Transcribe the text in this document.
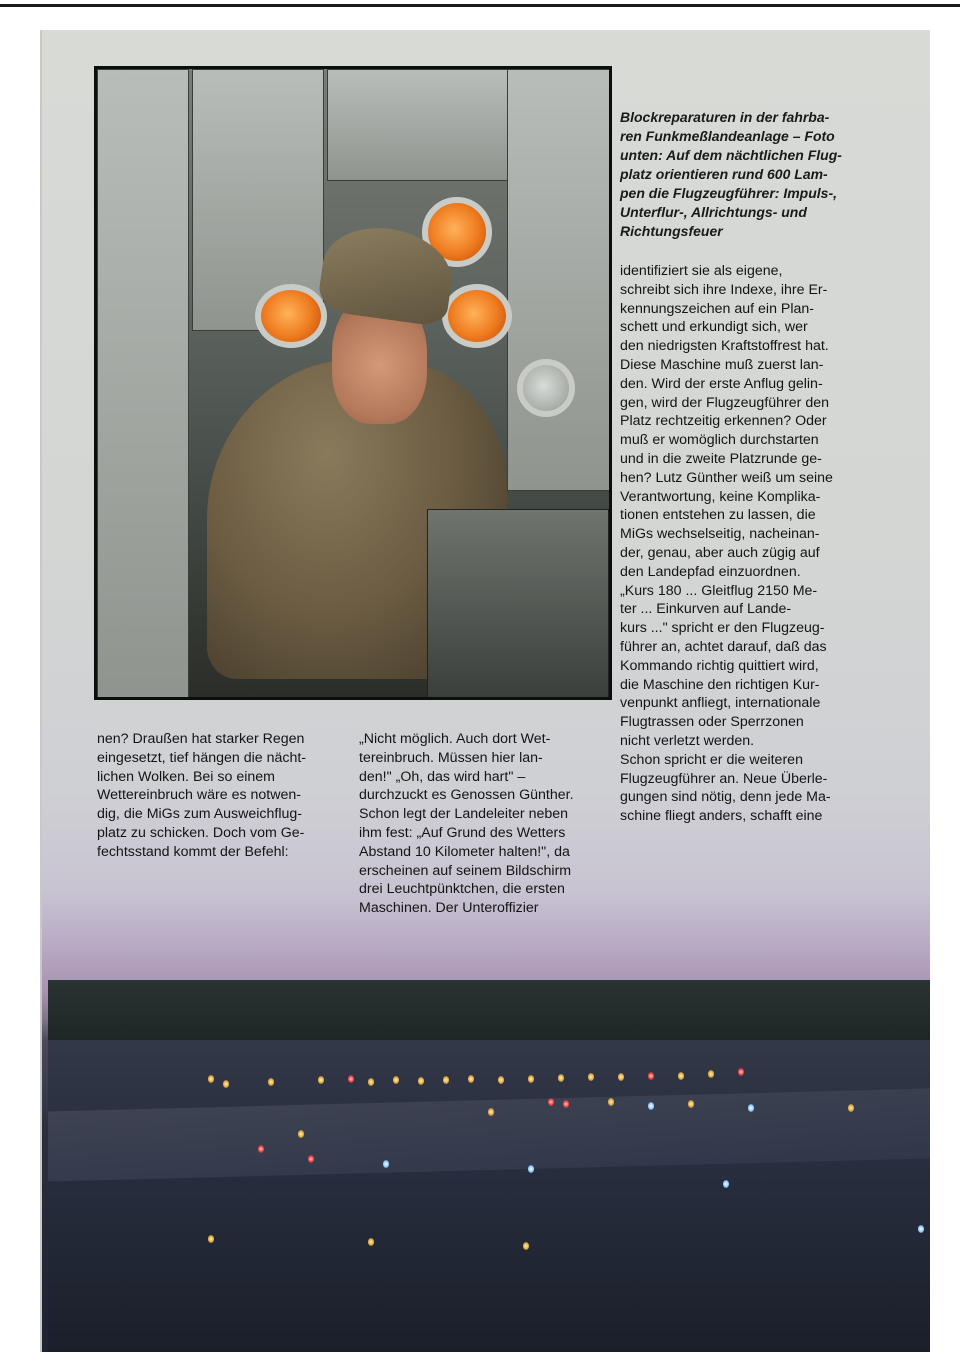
Blockreparaturen in der fahrba-
ren Funkmeßlandeanlage – Foto
unten: Auf dem nächtlichen Flug-
platz orientieren rund 600 Lam-
pen die Flugzeugführer: Impuls-,
Unterflur-, Allrichtungs- und
Richtungsfeuer

identifiziert sie als eigene,
schreibt sich ihre Indexe, ihre Er-
kennungszeichen auf ein Plan-
schett und erkundigt sich, wer
den niedrigsten Kraftstoffrest hat.
Diese Maschine muß zuerst lan-
den. Wird der erste Anflug gelin-
gen, wird der Flugzeugführer den
Platz rechtzeitig erkennen? Oder
muß er womöglich durchstarten
und in die zweite Platzrunde ge-
hen? Lutz Günther weiß um seine
Verantwortung, keine Komplika-
tionen entstehen zu lassen, die
MiGs wechselseitig, nacheinan-
der, genau, aber auch zügig auf
den Landepfad einzuordnen.
„Kurs 180 ... Gleitflug 2150 Me-
ter ... Einkurven auf Lande-
kurs ..." spricht er den Flugzeug-
führer an, achtet darauf, daß das
Kommando richtig quittiert wird,
die Maschine den richtigen Kur-
venpunkt anfliegt, internationale
Flugtrassen oder Sperrzonen
nicht verletzt werden.
Schon spricht er die weiteren
Flugzeugführer an. Neue Überle-
gungen sind nötig, denn jede Ma-
schine fliegt anders, schafft eine

nen? Draußen hat starker Regen
eingesetzt, tief hängen die nächt-
lichen Wolken. Bei so einem
Wettereinbruch wäre es notwen-
dig, die MiGs zum Ausweichflug-
platz zu schicken. Doch vom Ge-
fechtsstand kommt der Befehl:

„Nicht möglich. Auch dort Wet-
tereinbruch. Müssen hier lan-
den!" „Oh, das wird hart" –
durchzuckt es Genossen Günther.
Schon legt der Landeleiter neben
ihm fest: „Auf Grund des Wetters
Abstand 10 Kilometer halten!", da
erscheinen auf seinem Bildschirm
drei Leuchtpünktchen, die ersten
Maschinen. Der Unteroffizier
